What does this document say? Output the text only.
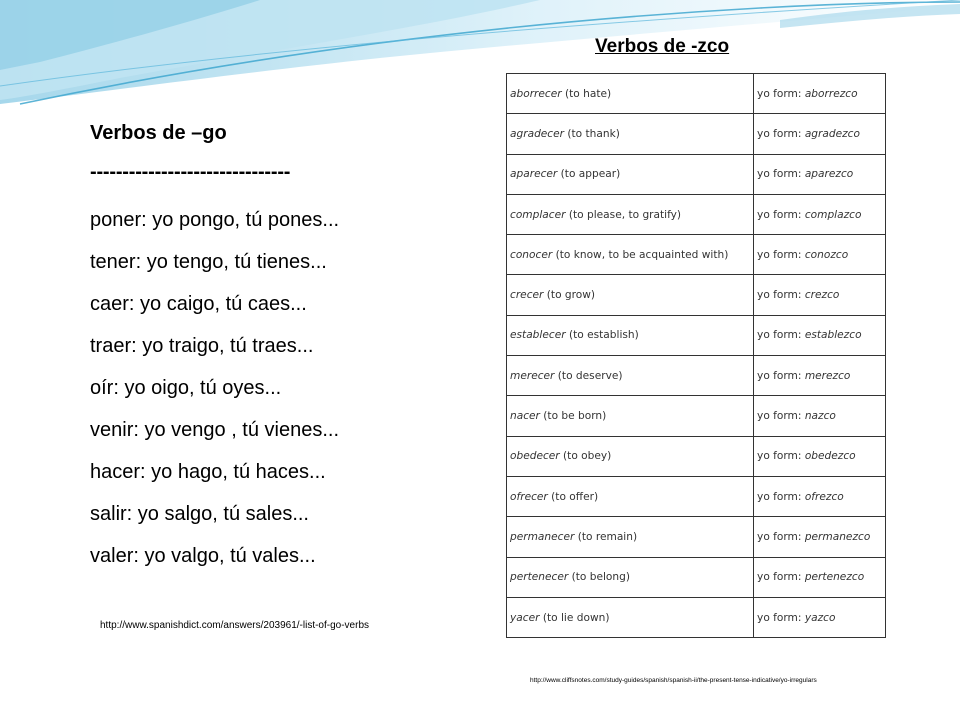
Verbos de –go
-------------------------------
poner: yo pongo, tú pones...
tener: yo tengo, tú tienes...
caer: yo caigo, tú caes...
traer: yo traigo, tú traes...
oír: yo oigo, tú oyes...
venir: yo vengo , tú vienes...
hacer: yo hago, tú haces...
salir: yo salgo, tú sales...
valer: yo valgo, tú vales...
http://www.spanishdict.com/answers/203961/-list-of-go-verbs
Verbos de -zco
aborrecer (to hate)	yo form: aborrezco
agradecer (to thank)	yo form: agradezco
aparecer (to appear)	yo form: aparezco
complacer (to please, to gratify)	yo form: complazco
conocer (to know, to be acquainted with)	yo form: conozco
crecer (to grow)	yo form: crezco
establecer (to establish)	yo form: establezco
merecer (to deserve)	yo form: merezco
nacer (to be born)	yo form: nazco
obedecer (to obey)	yo form: obedezco
ofrecer (to offer)	yo form: ofrezco
permanecer (to remain)	yo form: permanezco
pertenecer (to belong)	yo form: pertenezco
yacer (to lie down)	yo form: yazco
http://www.cliffsnotes.com/study-guides/spanish/spanish-ii/the-present-tense-indicative/yo-irregulars
